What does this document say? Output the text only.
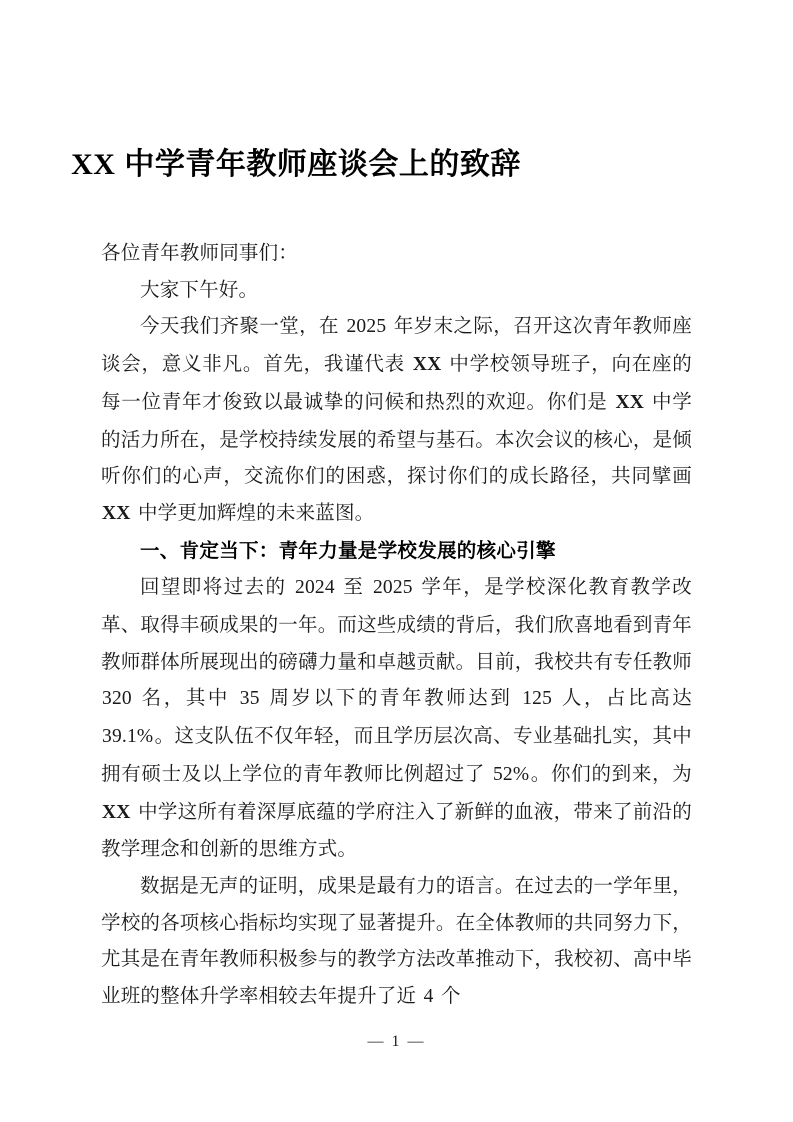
XX 中学青年教师座谈会上的致辞

各位青年教师同事们：

大家下午好。

今天我们齐聚一堂，在 2025 年岁末之际，召开这次青年教师座谈会，意义非凡。首先，我谨代表 XX 中学校领导班子，向在座的每一位青年才俊致以最诚挚的问候和热烈的欢迎。你们是 XX 中学的活力所在，是学校持续发展的希望与基石。本次会议的核心，是倾听你们的心声，交流你们的困惑，探讨你们的成长路径，共同擘画 XX 中学更加辉煌的未来蓝图。

一、肯定当下：青年力量是学校发展的核心引擎

回望即将过去的 2024 至 2025 学年，是学校深化教育教学改革、取得丰硕成果的一年。而这些成绩的背后，我们欣喜地看到青年教师群体所展现出的磅礴力量和卓越贡献。目前，我校共有专任教师 320 名，其中 35 周岁以下的青年教师达到 125 人，占比高达 39.1%。这支队伍不仅年轻，而且学历层次高、专业基础扎实，其中拥有硕士及以上学位的青年教师比例超过了 52%。你们的到来，为 XX 中学这所有着深厚底蕴的学府注入了新鲜的血液，带来了前沿的教学理念和创新的思维方式。

数据是无声的证明，成果是最有力的语言。在过去的一学年里，学校的各项核心指标均实现了显著提升。在全体教师的共同努力下，尤其是在青年教师积极参与的教学方法改革推动下，我校初、高中毕业班的整体升学率相较去年提升了近 4 个

— 1 —
